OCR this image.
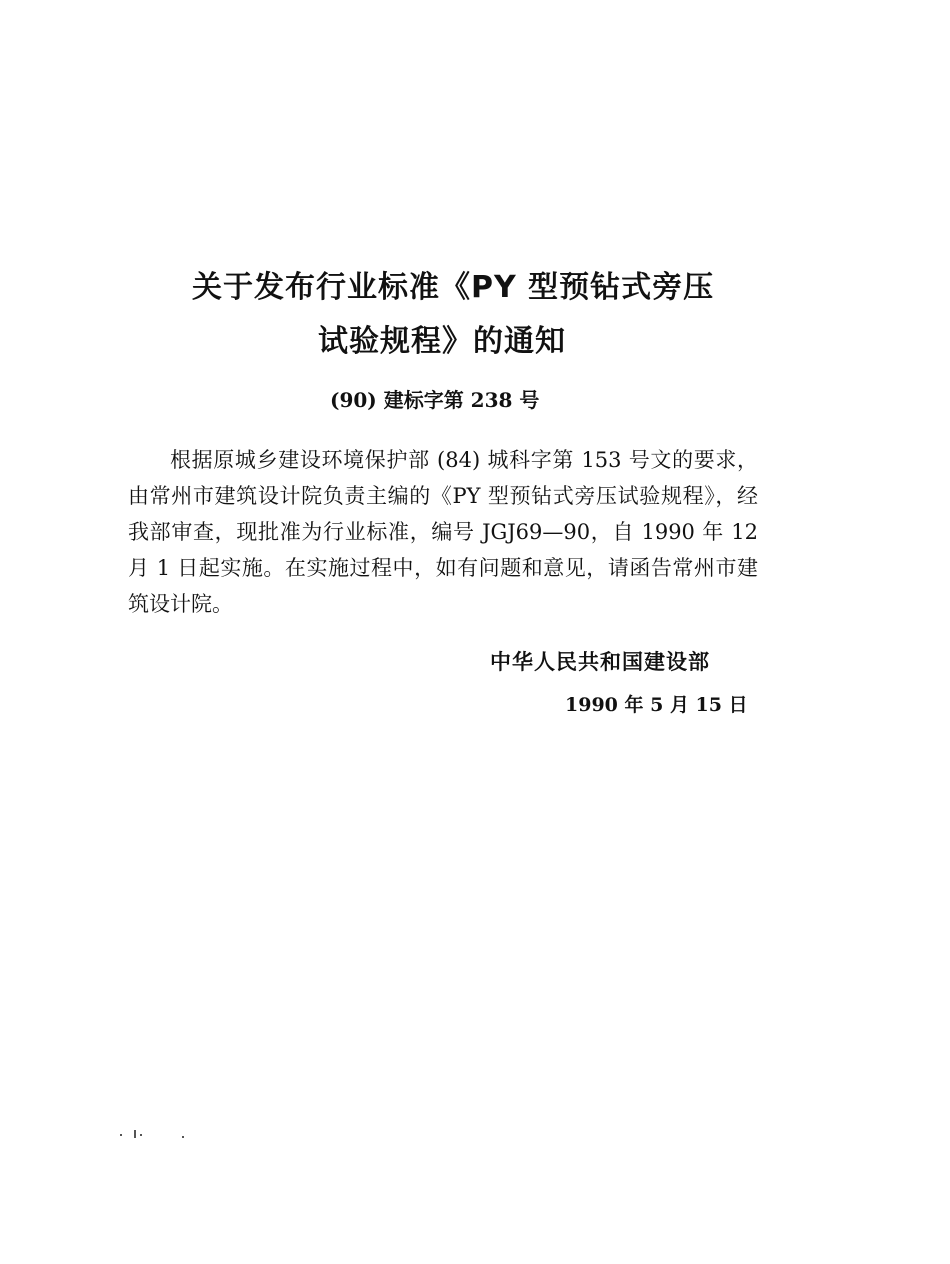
关于发布行业标准《PY 型预钻式旁压
试验规程》的通知
(90) 建标字第 238 号
根据原城乡建设环境保护部 (84) 城科字第 153 号文的要求，由常州市建筑设计院负责主编的《PY 型预钻式旁压试验规程》，经我部审查，现批准为行业标准，编号 JGJ69—90，自 1990 年 12 月 1 日起实施。在实施过程中，如有问题和意见，请函告常州市建筑设计院。
中华人民共和国建设部
1990 年 5 月 15 日
